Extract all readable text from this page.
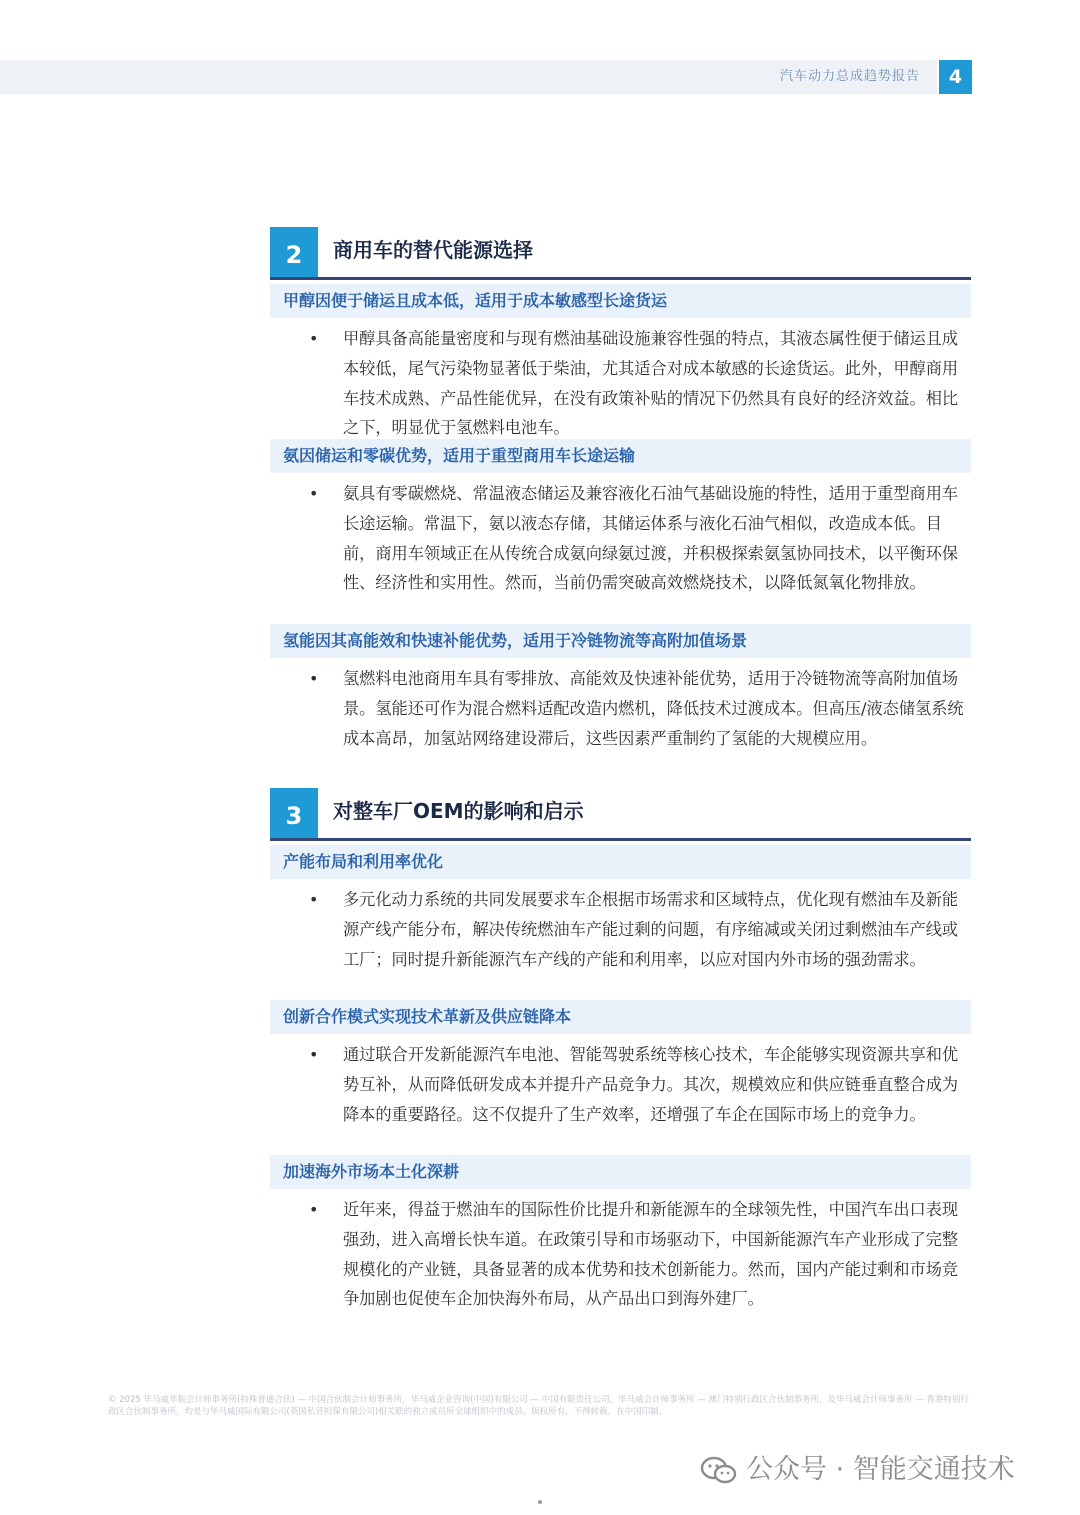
汽车动力总成趋势报告	4
2	商用车的替代能源选择
甲醇因便于储运且成本低，适用于成本敏感型长途货运
• 甲醇具备高能量密度和与现有燃油基础设施兼容性强的特点，其液态属性便于储运且成本较低，尾气污染物显著低于柴油，尤其适合对成本敏感的长途货运。此外，甲醇商用车技术成熟、产品性能优异，在没有政策补贴的情况下仍然具有良好的经济效益。相比之下，明显优于氢燃料电池车。
氨因储运和零碳优势，适用于重型商用车长途运输
• 氨具有零碳燃烧、常温液态储运及兼容液化石油气基础设施的特性，适用于重型商用车长途运输。常温下，氨以液态存储，其储运体系与液化石油气相似，改造成本低。目前，商用车领域正在从传统合成氨向绿氨过渡，并积极探索氨氢协同技术，以平衡环保性、经济性和实用性。然而，当前仍需突破高效燃烧技术，以降低氮氧化物排放。
氢能因其高能效和快速补能优势，适用于冷链物流等高附加值场景
• 氢燃料电池商用车具有零排放、高能效及快速补能优势，适用于冷链物流等高附加值场景。氢能还可作为混合燃料适配改造内燃机，降低技术过渡成本。但高压/液态储氢系统成本高昂，加氢站网络建设滞后，这些因素严重制约了氢能的大规模应用。
3	对整车厂OEM的影响和启示
产能布局和利用率优化
• 多元化动力系统的共同发展要求车企根据市场需求和区域特点，优化现有燃油车及新能源产线产能分布，解决传统燃油车产能过剩的问题，有序缩减或关闭过剩燃油车产线或工厂；同时提升新能源汽车产线的产能和利用率，以应对国内外市场的强劲需求。
创新合作模式实现技术革新及供应链降本
• 通过联合开发新能源汽车电池、智能驾驶系统等核心技术，车企能够实现资源共享和优势互补，从而降低研发成本并提升产品竞争力。其次，规模效应和供应链垂直整合成为降本的重要路径。这不仅提升了生产效率，还增强了车企在国际市场上的竞争力。
加速海外市场本土化深耕
• 近年来，得益于燃油车的国际性价比提升和新能源车的全球领先性，中国汽车出口表现强劲，进入高增长快车道。在政策引导和市场驱动下，中国新能源汽车产业形成了完整规模化的产业链，具备显著的成本优势和技术创新能力。然而，国内产能过剩和市场竞争加剧也促使车企加快海外布局，从产品出口到海外建厂。
© 2025 毕马威华振会计师事务所(特殊普通合伙) — 中国合伙制会计师事务所，毕马威企业咨询(中国)有限公司 — 中国有限责任公司，毕马威会计师事务所 — 澳门特别行政区合伙制事务所，及毕马威会计师事务所 — 香港特别行政区合伙制事务所，均是与毕马威国际有限公司(英国私营担保有限公司)相关联的独立成员所全球组织中的成员。版权所有，不得转载。在中国印制。
公众号 · 智能交通技术
